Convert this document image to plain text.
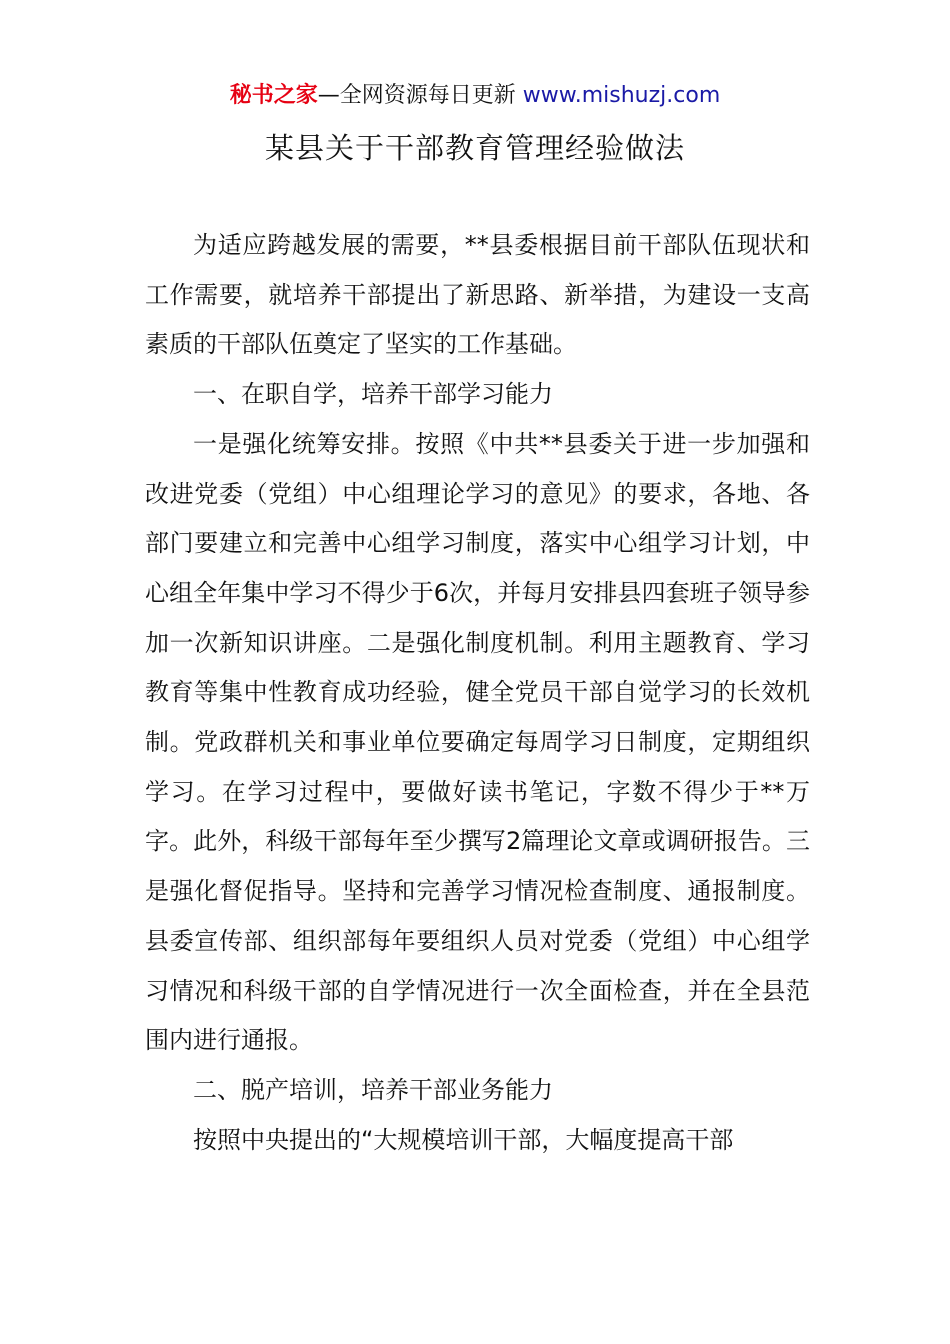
秘书之家—全网资源每日更新 www.mishuzj.com
某县关于干部教育管理经验做法

为适应跨越发展的需要，**县委根据目前干部队伍现状和工作需要，就培养干部提出了新思路、新举措，为建设一支高素质的干部队伍奠定了坚实的工作基础。

一、在职自学，培养干部学习能力

一是强化统筹安排。按照《中共**县委关于进一步加强和改进党委（党组）中心组理论学习的意见》的要求，各地、各部门要建立和完善中心组学习制度，落实中心组学习计划，中心组全年集中学习不得少于6次，并每月安排县四套班子领导参加一次新知识讲座。二是强化制度机制。利用主题教育、学习教育等集中性教育成功经验，健全党员干部自觉学习的长效机制。党政群机关和事业单位要确定每周学习日制度，定期组织学习。在学习过程中，要做好读书笔记，字数不得少于**万字。此外，科级干部每年至少撰写2篇理论文章或调研报告。三是强化督促指导。坚持和完善学习情况检查制度、通报制度。县委宣传部、组织部每年要组织人员对党委（党组）中心组学习情况和科级干部的自学情况进行一次全面检查，并在全县范围内进行通报。

二、脱产培训，培养干部业务能力

按照中央提出的“大规模培训干部，大幅度提高干部
